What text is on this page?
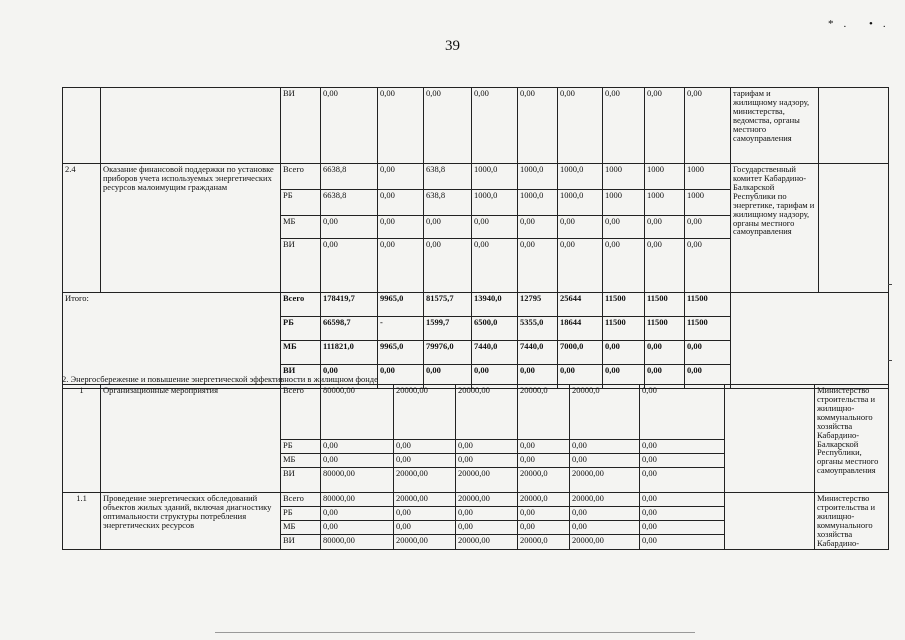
39
*. •.
		ВИ	0,00	0,00	0,00	0,00	0,00	0,00	0,00	0,00	0,00	тарифам и жилищному надзору, министерства, ведомства, органы местного самоуправления	
2.4	Оказание финансовой поддержки по установке приборов учета используемых энергетических ресурсов малоимущим гражданам	Всего	6638,8	0,00	638,8	1000,0	1000,0	1000,0	1000	1000	1000	Государственный комитет Кабардино-Балкарской Республики по энергетике, тарифам и жилищному надзору, органы местного самоуправления	
		РБ	6638,8	0,00	638,8	1000,0	1000,0	1000,0	1000	1000	1000		
		МБ	0,00	0,00	0,00	0,00	0,00	0,00	0,00	0,00	0,00		
		ВИ	0,00	0,00	0,00	0,00	0,00	0,00	0,00	0,00	0,00		
Итого:		Всего	178419,7	9965,0	81575,7	13940,0	12795	25644	11500	11500	11500		
		РБ	66598,7	-	1599,7	6500,0	5355,0	18644	11500	11500	11500		
		МБ	111821,0	9965,0	79976,0	7440,0	7440,0	7000,0	0,00	0,00	0,00		
		ВИ	0,00	0,00	0,00	0,00	0,00	0,00	0,00	0,00	0,00		
2. Энергосбережение и повышение энергетической эффективности в жилищном фонде
1	Организационные мероприятия	Всего	80000,00	20000,00	20000,00	20000,0	20000,0	0,00		Министерство строительства и жилищно-коммунального хозяйства Кабардино-Балкарской Республики, органы местного самоуправления	
		РБ	0,00	0,00	0,00	0,00	0,00	0,00			
		МБ	0,00	0,00	0,00	0,00	0,00	0,00			
		ВИ	80000,00	20000,00	20000,00	20000,0	20000,00	0,00			
1.1	Проведение энергетических обследований объектов жилых зданий, включая диагностику оптимальности структуры потребления энергетических ресурсов	Всего	80000,00	20000,00	20000,00	20000,0	20000,00	0,00		Министерство строительства и жилищно-коммунального хозяйства Кабардино-	
		РБ	0,00	0,00	0,00	0,00	0,00	0,00			
		МБ	0,00	0,00	0,00	0,00	0,00	0,00			
		ВИ	80000,00	20000,00	20000,00	20000,0	20000,00	0,00			
